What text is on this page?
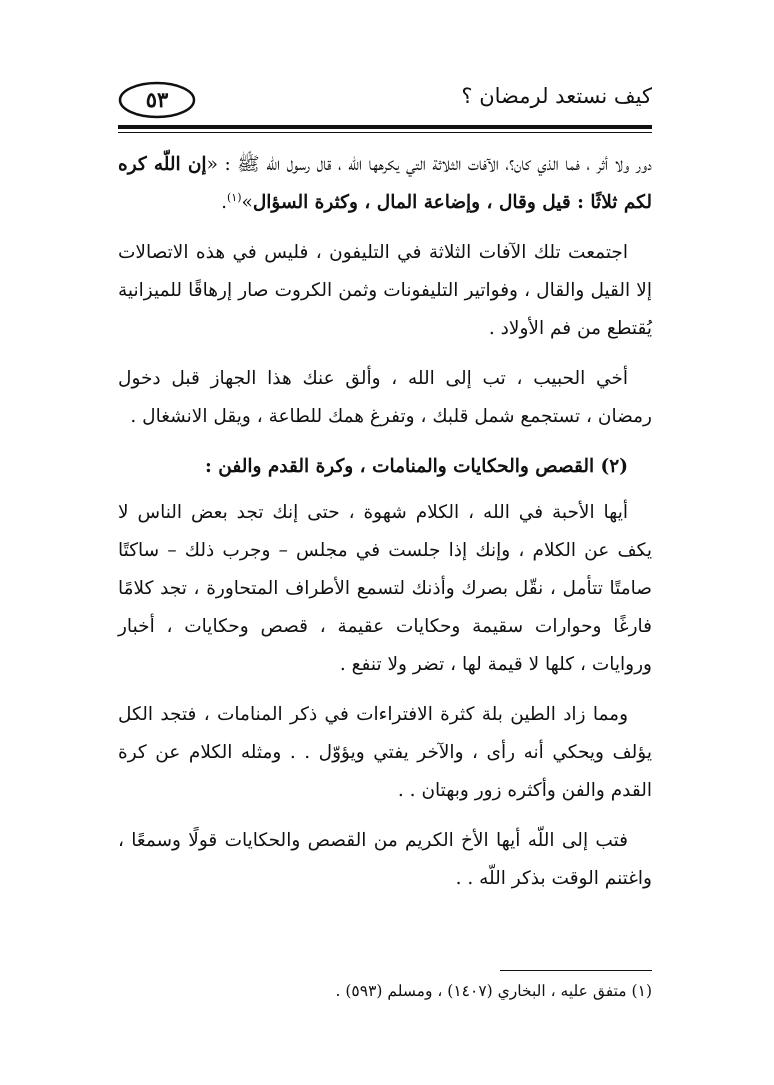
كيف نستعد لرمضان ؟
٥٣

دور ولا أثر ، فما الذي كان؟، الآفات الثلاثة التي يكرهها اللّه ، قال رسول الله ﷺ : «إن اللّه كره لكم ثلاثًا : قيل وقال ، وإضاعة المال ، وكثرة السؤال»$^{(١)}$.

اجتمعت تلك الآفات الثلاثة في التليفون ، فليس في هذه الاتصالات إلا القيل والقال ، وفواتير التليفونات وثمن الكروت صار إرهاقًا للميزانية يُقتطع من فم الأولاد .

أخي الحبيب ، تب إلى الله ، وألق عنك هذا الجهاز قبل دخول رمضان ، تستجمع شمل قلبك ، وتفرغ همك للطاعة ، ويقل الانشغال .

(٢) القصص والحكايات والمنامات ، وكرة القدم والفن :

أيها الأحبة في الله ، الكلام شهوة ، حتى إنك تجد بعض الناس لا يكف عن الكلام ، وإنك إذا جلست في مجلس – وجرب ذلك – ساكتًا صامتًا تتأمل ، نقّل بصرك وأذنك لتسمع الأطراف المتحاورة ، تجد كلامًا فارغًا وحوارات سقيمة وحكايات عقيمة ، قصص وحكايات ، أخبار وروايات ، كلها لا قيمة لها ، تضر ولا تنفع .

ومما زاد الطين بلة كثرة الافتراءات في ذكر المنامات ، فتجد الكل يؤلف ويحكي أنه رأى ، والآخر يفتي ويؤوّل . . ومثله الكلام عن كرة القدم والفن وأكثره زور وبهتان . .

فتب إلى اللّه أيها الأخ الكريم من القصص والحكايات قولًا وسمعًا ، واغتنم الوقت بذكر اللّه . .

(١) متفق عليه ، البخاري (١٤٠٧) ، ومسلم (٥٩٣) .
